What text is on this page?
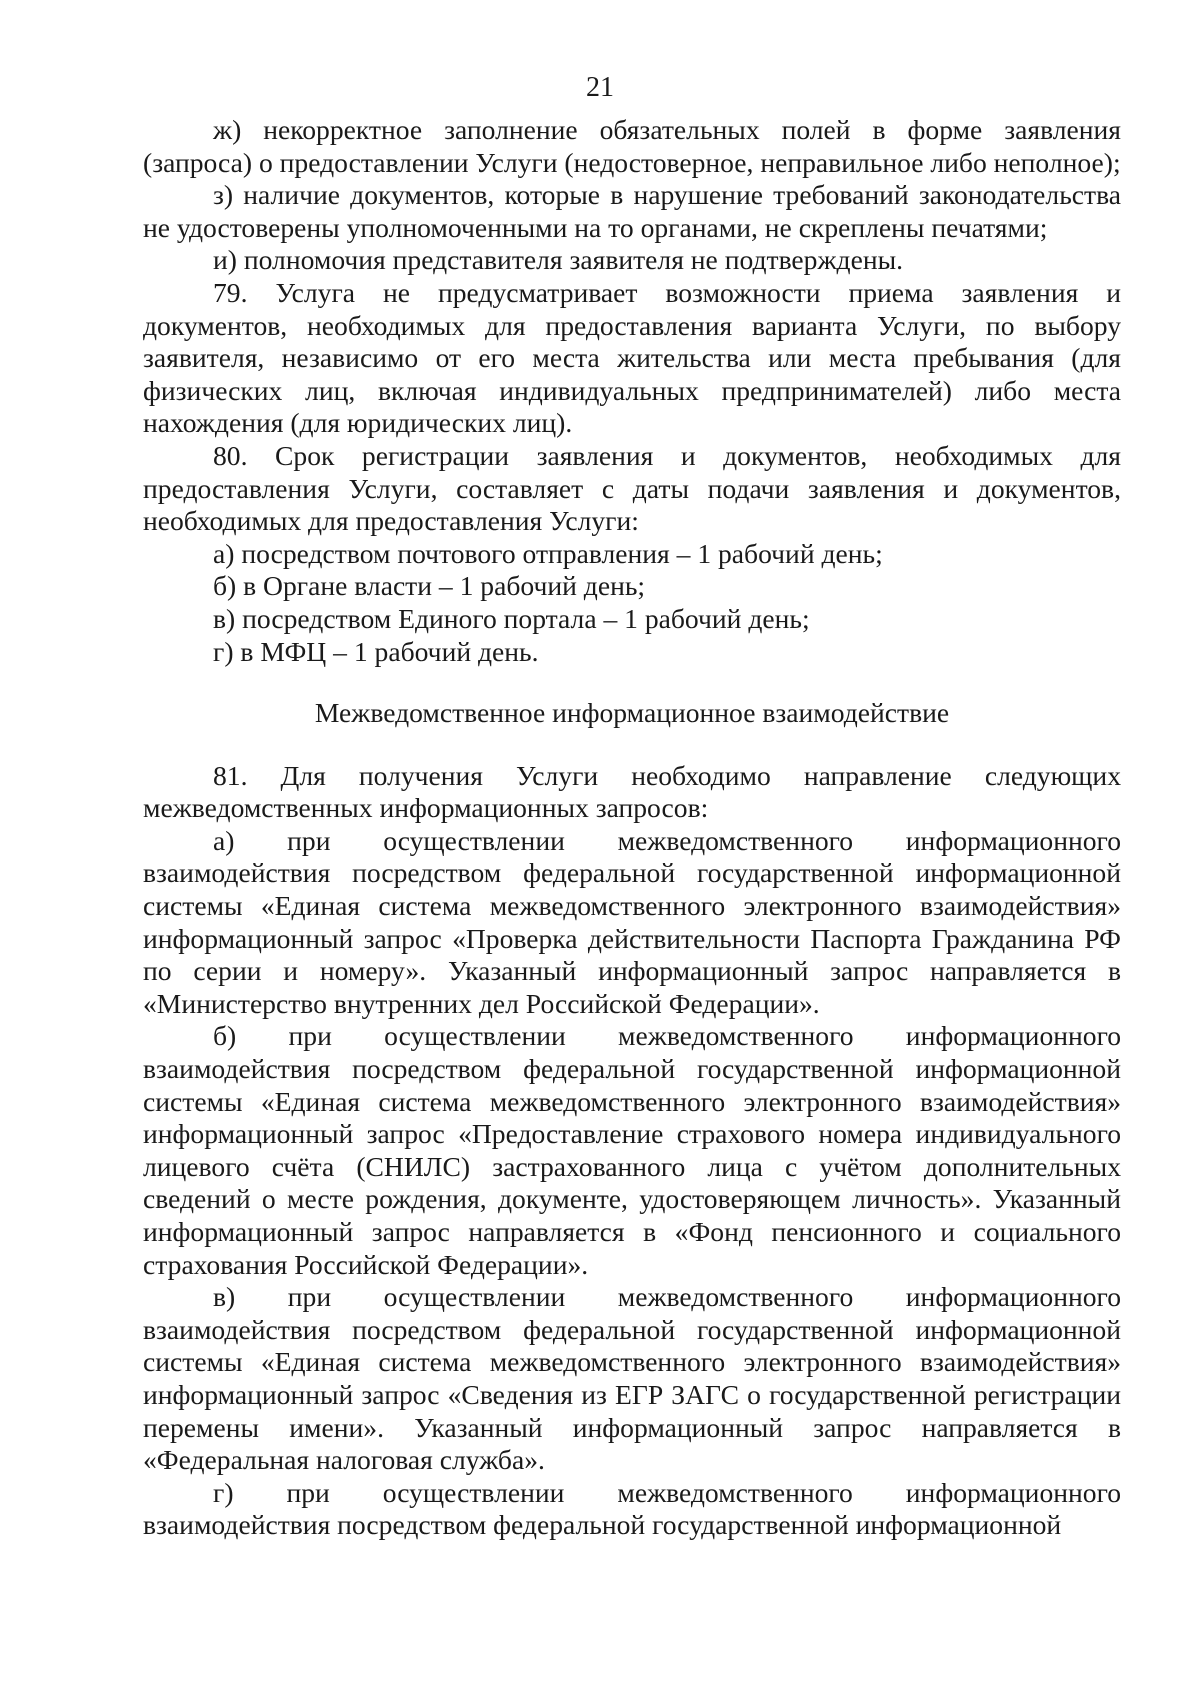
21

ж) некорректное заполнение обязательных полей в форме заявления (запроса) о предоставлении Услуги (недостоверное, неправильное либо неполное);

з) наличие документов, которые в нарушение требований законодательства не удостоверены уполномоченными на то органами, не скреплены печатями;

и) полномочия представителя заявителя не подтверждены.

79. Услуга не предусматривает возможности приема заявления и документов, необходимых для предоставления варианта Услуги, по выбору заявителя, независимо от его места жительства или места пребывания (для физических лиц, включая индивидуальных предпринимателей) либо места нахождения (для юридических лиц).

80. Срок регистрации заявления и документов, необходимых для предоставления Услуги, составляет с даты подачи заявления и документов, необходимых для предоставления Услуги:

а) посредством почтового отправления – 1 рабочий день;

б) в Органе власти – 1 рабочий день;

в) посредством Единого портала – 1 рабочий день;

г) в МФЦ – 1 рабочий день.

Межведомственное информационное взаимодействие

81. Для получения Услуги необходимо направление следующих межведомственных информационных запросов:

а) при осуществлении межведомственного информационного взаимодействия посредством федеральной государственной информационной системы «Единая система межведомственного электронного взаимодействия» информационный запрос «Проверка действительности Паспорта Гражданина РФ по серии и номеру». Указанный информационный запрос направляется в «Министерство внутренних дел Российской Федерации».

б) при осуществлении межведомственного информационного взаимодействия посредством федеральной государственной информационной системы «Единая система межведомственного электронного взаимодействия» информационный запрос «Предоставление страхового номера индивидуального лицевого счёта (СНИЛС) застрахованного лица с учётом дополнительных сведений о месте рождения, документе, удостоверяющем личность». Указанный информационный запрос направляется в «Фонд пенсионного и социального страхования Российской Федерации».

в) при осуществлении межведомственного информационного взаимодействия посредством федеральной государственной информационной системы «Единая система межведомственного электронного взаимодействия» информационный запрос «Сведения из ЕГР ЗАГС о государственной регистрации перемены имени». Указанный информационный запрос направляется в «Федеральная налоговая служба».

г) при осуществлении межведомственного информационного взаимодействия посредством федеральной государственной информационной
